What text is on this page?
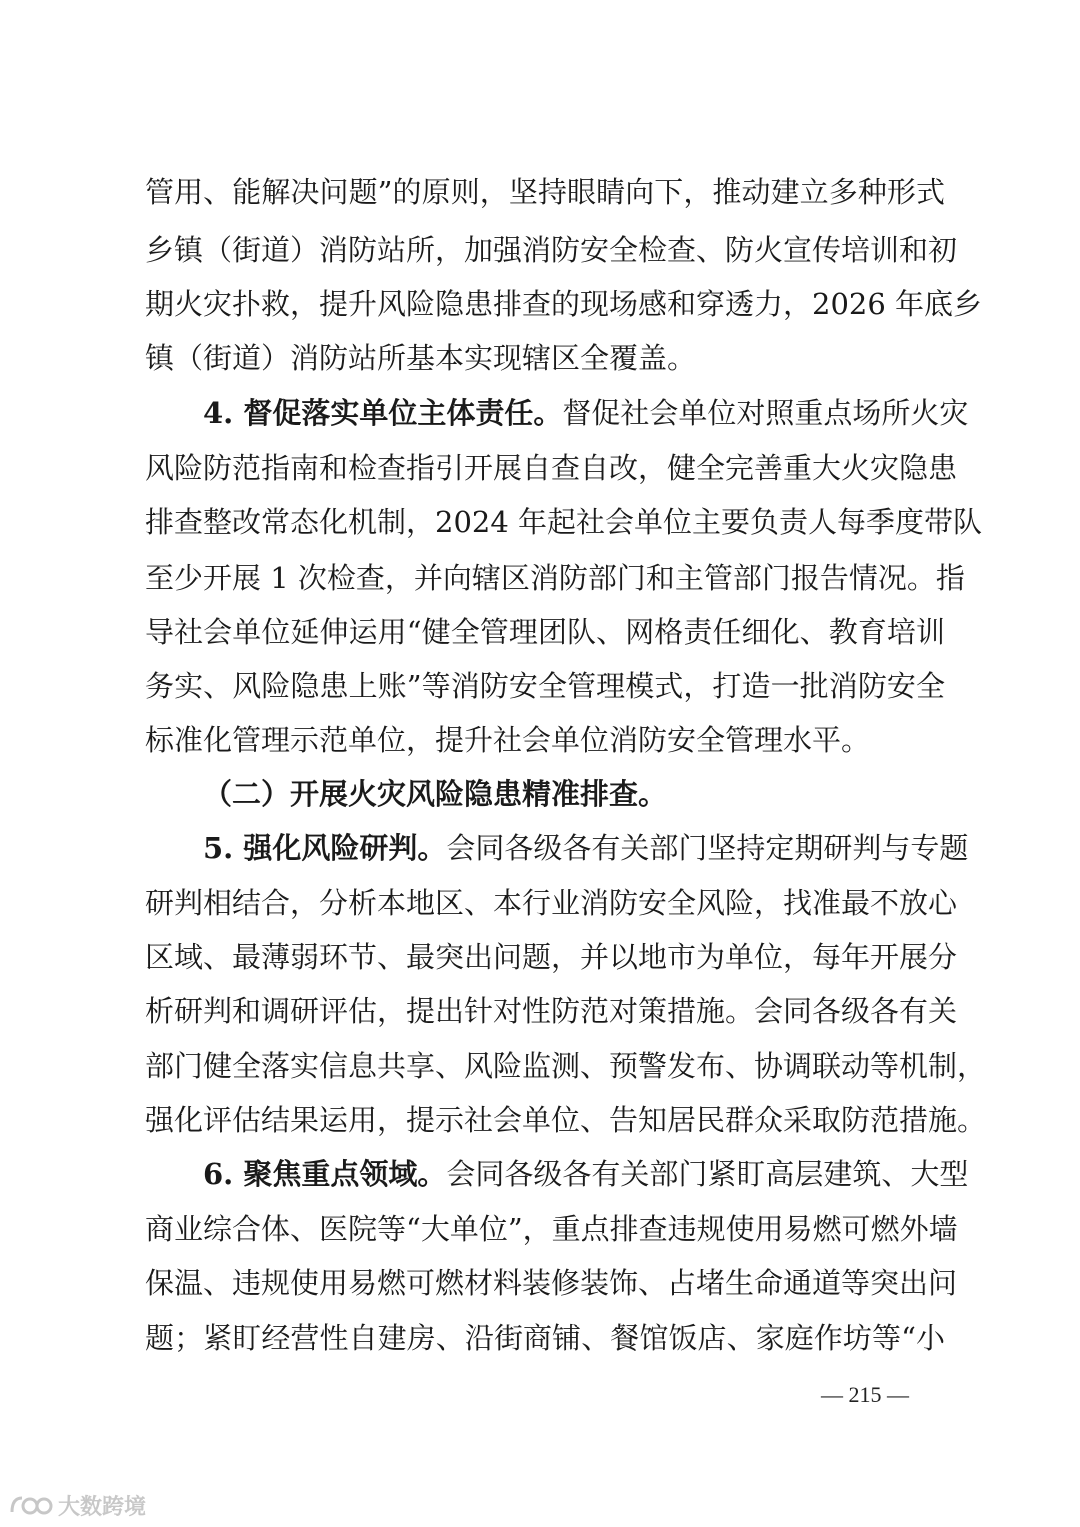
管用、能解决问题”的原则，坚持眼睛向下，推动建立多种形式
乡镇（街道）消防站所，加强消防安全检查、防火宣传培训和初
期火灾扑救，提升风险隐患排查的现场感和穿透力，2026 年底乡
镇（街道）消防站所基本实现辖区全覆盖。
4. 督促落实单位主体责任。督促社会单位对照重点场所火灾
风险防范指南和检查指引开展自查自改，健全完善重大火灾隐患
排查整改常态化机制，2024 年起社会单位主要负责人每季度带队
至少开展 1 次检查，并向辖区消防部门和主管部门报告情况。指
导社会单位延伸运用“健全管理团队、网格责任细化、教育培训
务实、风险隐患上账”等消防安全管理模式，打造一批消防安全
标准化管理示范单位，提升社会单位消防安全管理水平。
（二）开展火灾风险隐患精准排查。
5. 强化风险研判。会同各级各有关部门坚持定期研判与专题
研判相结合，分析本地区、本行业消防安全风险，找准最不放心
区域、最薄弱环节、最突出问题，并以地市为单位，每年开展分
析研判和调研评估，提出针对性防范对策措施。会同各级各有关
部门健全落实信息共享、风险监测、预警发布、协调联动等机制，
强化评估结果运用，提示社会单位、告知居民群众采取防范措施。
6. 聚焦重点领域。会同各级各有关部门紧盯高层建筑、大型
商业综合体、医院等“大单位”，重点排查违规使用易燃可燃外墙
保温、违规使用易燃可燃材料装修装饰、占堵生命通道等突出问
题；紧盯经营性自建房、沿街商铺、餐馆饭店、家庭作坊等“小
— 215 —
大数跨境
